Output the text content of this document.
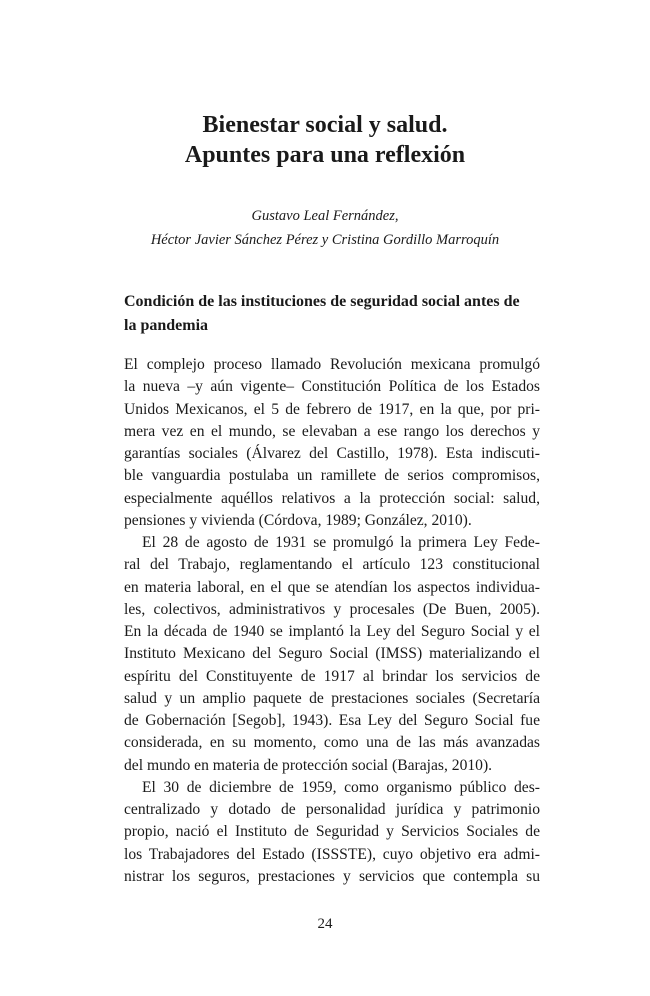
Bienestar social y salud.
Apuntes para una reflexión
Gustavo Leal Fernández,
Héctor Javier Sánchez Pérez y Cristina Gordillo Marroquín
Condición de las instituciones de seguridad social antes de
la pandemia
El complejo proceso llamado Revolución mexicana promulgó
la nueva –y aún vigente– Constitución Política de los Estados
Unidos Mexicanos, el 5 de febrero de 1917, en la que, por pri-
mera vez en el mundo, se elevaban a ese rango los derechos y
garantías sociales (Álvarez del Castillo, 1978). Esta indiscuti-
ble vanguardia postulaba un ramillete de serios compromisos,
especialmente aquéllos relativos a la protección social: salud,
pensiones y vivienda (Córdova, 1989; González, 2010).
El 28 de agosto de 1931 se promulgó la primera Ley Fede-
ral del Trabajo, reglamentando el artículo 123 constitucional
en materia laboral, en el que se atendían los aspectos individua-
les, colectivos, administrativos y procesales (De Buen, 2005).
En la década de 1940 se implantó la Ley del Seguro Social y el
Instituto Mexicano del Seguro Social (IMSS) materializando el
espíritu del Constituyente de 1917 al brindar los servicios de
salud y un amplio paquete de prestaciones sociales (Secretaría
de Gobernación [Segob], 1943). Esa Ley del Seguro Social fue
considerada, en su momento, como una de las más avanzadas
del mundo en materia de protección social (Barajas, 2010).
El 30 de diciembre de 1959, como organismo público des-
centralizado y dotado de personalidad jurídica y patrimonio
propio, nació el Instituto de Seguridad y Servicios Sociales de
los Trabajadores del Estado (ISSSTE), cuyo objetivo era admi-
nistrar los seguros, prestaciones y servicios que contempla su
24
